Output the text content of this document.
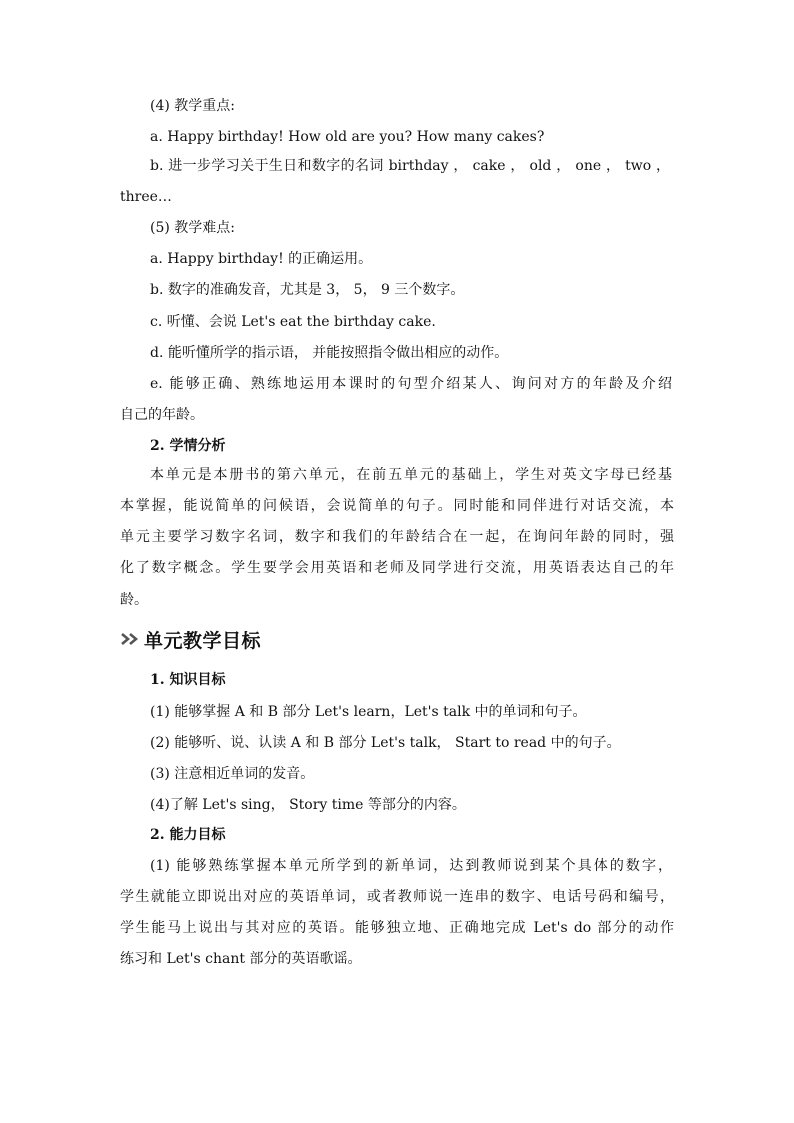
(4) 教学重点:
a. Happy birthday! How old are you? How many cakes?
b. 进一步学习关于生日和数字的名词 birthday ， cake ， old ， one ， two ，
three…
(5) 教学难点:
a. Happy birthday! 的正确运用。
b. 数字的准确发音，尤其是 3， 5， 9 三个数字。
c. 听懂、会说 Let's eat the birthday cake.
d. 能听懂所学的指示语， 并能按照指令做出相应的动作。
e. 能够正确、熟练地运用本课时的句型介绍某人、询问对方的年龄及介绍
自己的年龄。
2. 学情分析
本单元是本册书的第六单元，在前五单元的基础上，学生对英文字母已经基
本掌握，能说简单的问候语，会说简单的句子。同时能和同伴进行对话交流，本
单元主要学习数字名词，数字和我们的年龄结合在一起，在询问年龄的同时，强
化了数字概念。学生要学会用英语和老师及同学进行交流，用英语表达自己的年
龄。
单元教学目标
1. 知识目标
(1) 能够掌握 A 和 B 部分 Let's learn，Let's talk 中的单词和句子。
(2) 能够听、说、认读 A 和 B 部分 Let's talk， Start to read 中的句子。
(3) 注意相近单词的发音。
(4)了解 Let's sing， Story time 等部分的内容。
2. 能力目标
(1) 能够熟练掌握本单元所学到的新单词，达到教师说到某个具体的数字，
学生就能立即说出对应的英语单词，或者教师说一连串的数字、电话号码和编号，
学生能马上说出与其对应的英语。能够独立地、正确地完成 Let's do 部分的动作
练习和 Let's chant 部分的英语歌谣。
